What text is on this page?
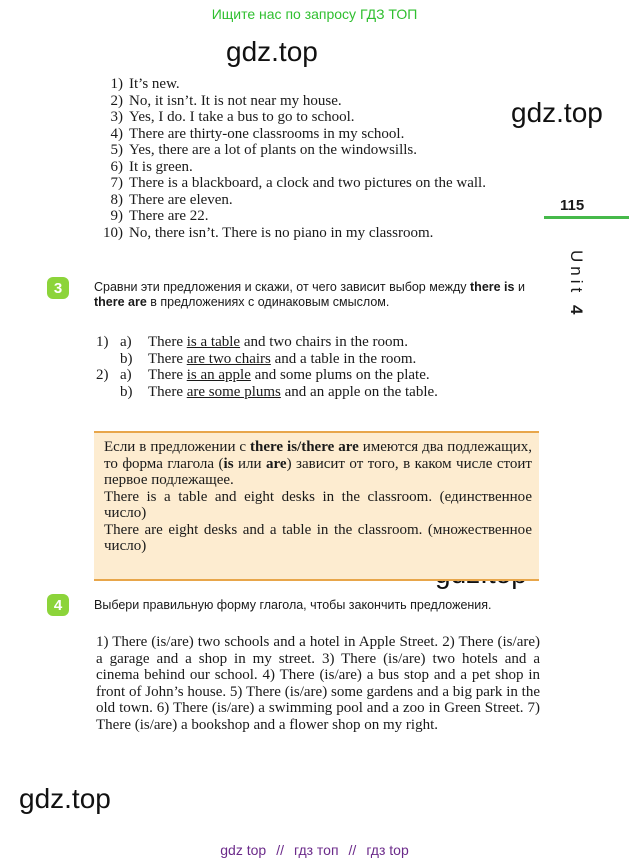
Ищите нас по запросу ГДЗ ТОП
gdz.top
gdz.top
gdz.top
1) It’s new.
2) No, it isn’t. It is not near my house.
3) Yes, I do. I take a bus to go to school.
4) There are thirty-one classrooms in my school.
5) Yes, there are a lot of plants on the windowsills.
6) It is green.
7) There is a blackboard, a clock and two pictures on the wall.
8) There are eleven.
9) There are 22.
10) No, there isn’t. There is no piano in my classroom.
115
Unit 4
3	Сравни эти предложения и скажи, от чего зависит выбор между there is и there are в предложениях с одинаковым смыслом.
1) a)	There is a table and two chairs in the room.
b)	There are two chairs and a table in the room.
2) a)	There is an apple and some plums on the plate.
b)	There are some plums and an apple on the table.
Если в предложении с there is/there are имеются два подлежащих, то форма глагола (is или are) зависит от того, в каком числе стоит первое подлежащее.
There is a table and eight desks in the classroom. (единственное число)
There are eight desks and a table in the classroom. (множественное число)
4	Выбери правильную форму глагола, чтобы закончить предложения.
1) There (is/are) two schools and a hotel in Apple Street. 2) There (is/are) a garage and a shop in my street. 3) There (is/are) two hotels and a cinema behind our school. 4) There (is/are) a bus stop and a pet shop in front of John’s house. 5) There (is/are) some gardens and a big park in the old town. 6) There (is/are) a swimming pool and a zoo in Green Street. 7) There (is/are) a bookshop and a flower shop on my right.
gdz top // гдз топ // гдз top
